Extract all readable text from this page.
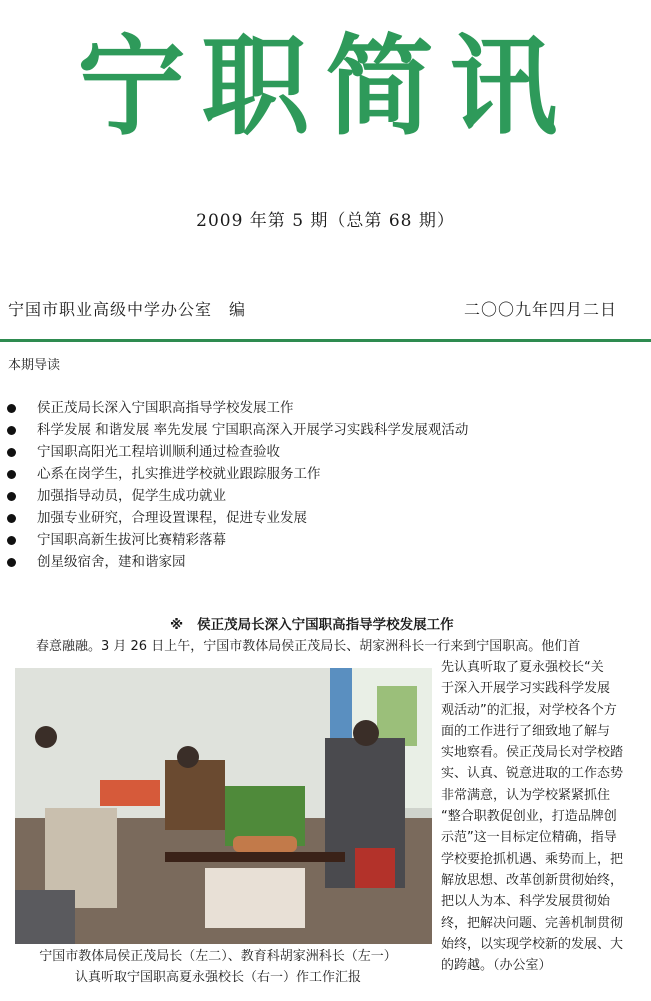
宁职简讯
2009 年第 5 期（总第 68 期）
宁国市职业高级中学办公室　编	二〇〇九年四月二日
本期导读
侯正茂局长深入宁国职高指导学校发展工作
科学发展 和谐发展 率先发展 宁国职高深入开展学习实践科学发展观活动
宁国职高阳光工程培训顺利通过检查验收
心系在岗学生，扎实推进学校就业跟踪服务工作
加强指导动员，促学生成功就业
加强专业研究，合理设置课程，促进专业发展
宁国职高新生拔河比赛精彩落幕
创星级宿舍，建和谐家园
※ 侯正茂局长深入宁国职高指导学校发展工作
春意融融。3 月 26 日上午，宁国市教体局侯正茂局长、胡家洲科长一行来到宁国职高。他们首
先认真听取了夏永强校长“关
于深入开展学习实践科学发展
观活动”的汇报，对学校各个方
面的工作进行了细致地了解与
实地察看。侯正茂局长对学校踏
实、认真、锐意进取的工作态势
非常满意，认为学校紧紧抓住
“整合职教促创业，打造品牌创
示范”这一目标定位精确，指导
学校要抢抓机遇、乘势而上，把
解放思想、改革创新贯彻始终，
把以人为本、科学发展贯彻始
终，把解决问题、完善机制贯彻
始终，以实现学校新的发展、大
的跨越。（办公室）
宁国市教体局侯正茂局长（左二）、教育科胡家洲科长（左一）
认真听取宁国职高夏永强校长（右一）作工作汇报
